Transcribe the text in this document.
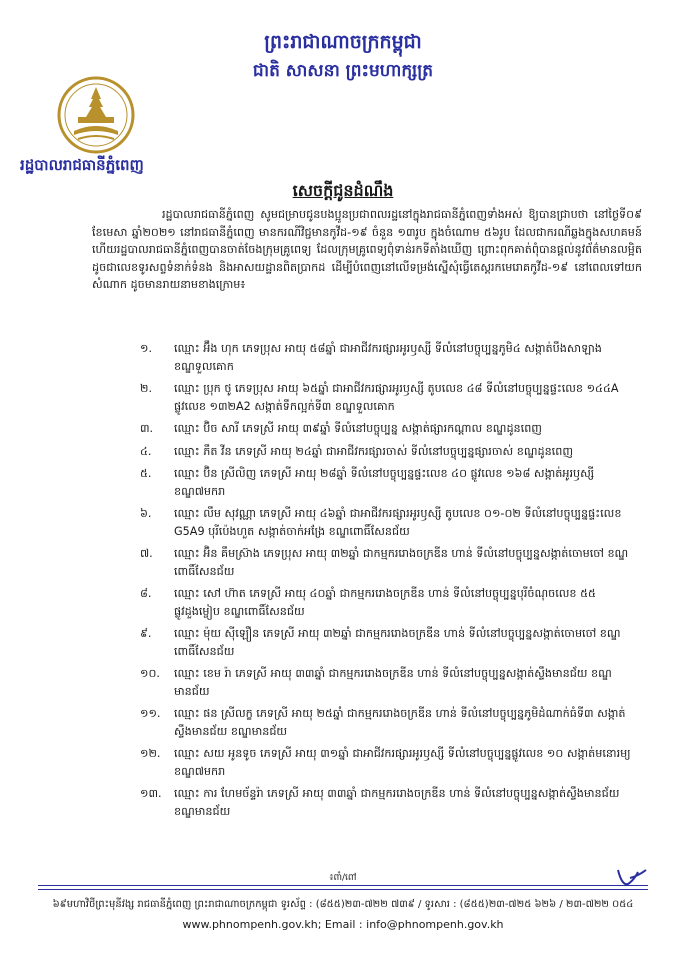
ព្រះរាជាណាចក្រកម្ពុជា
ជាតិ សាសនា ព្រះមហាក្សត្រ
រដ្ឋបាលរាជធានីភ្នំពេញ
សេចក្តីជូនដំណឹង
រដ្ឋបាលរាជធានីភ្នំពេញ សូមជម្រាបជូនបងប្អូនប្រជាពលរដ្ឋនៅក្នុងរាជធានីភ្នំពេញទាំងអស់ ឱ្យបានជ្រាបថា នៅថ្ងៃទី០៩ ខែមេសា ឆ្នាំ២០២១ នៅរាជធានីភ្នំពេញ មានករណីវិជ្ជមានកូវីដ-១៩ ចំនួន ១៣រូប ក្នុងចំណោម ៥៦រូប ដែលជាករណីឆ្លងក្នុងសហគមន៍ ហើយរដ្ឋបាលរាជធានីភ្នំពេញបានចាត់ចែងក្រុមគ្រូពេទ្យ ដែលក្រុមគ្រូពេទ្យពុំទាន់រកទីតាំងឃើញ ព្រោះពុកគាត់ពុំបានផ្តល់នូវព័ត៌មានលម្អិត ដូចជាលេខទូរសព្ទទំនាក់ទំនង និងអាសយដ្ឋានពិតប្រាកដ ដើម្បីបំពេញនៅលើទម្រង់ស្នើសុំធ្វើតេស្តរកមេរោគកូវីដ-១៩ នៅពេលទៅយកសំណាក ដូចមានរាយនាមខាងក្រោម៖
១.	ឈ្មោះ អ៊ឹង ហុក ភេទប្រុស អាយុ ៥៨ឆ្នាំ ជាអាជីវករផ្សារអូរឫស្សី ទីលំនៅបច្ចុប្បន្នភូមិ៤ សង្កាត់បឹងសាឡាង ខណ្ឌទួលគោក
២.	ឈ្មោះ ប្រុក ថូ ភេទប្រុស អាយុ ៦៥ឆ្នាំ ជាអាជីវករផ្សារអូរឫស្សី តូបលេខ ៤៨ ទីលំនៅបច្ចុប្បន្នផ្ទះលេខ ១៤៤A ផ្លូវលេខ ១៣២A2 សង្កាត់ទឹកល្អក់ទី៣ ខណ្ឌទួលគោក
៣.	ឈ្មោះ ប៊ិច សារី ភេទស្រី អាយុ ៣៩ឆ្នាំ ទីលំនៅបច្ចុប្បន្ន សង្កាត់ផ្សារកណ្តាល ខណ្ឌដូនពេញ
៤.	ឈ្មោះ ភឹត វីន ភេទស្រី អាយុ ២៤ឆ្នាំ ជាអាជីវករផ្សារចាស់ ទីលំនៅបច្ចុប្បន្នផ្សារចាស់ ខណ្ឌដូនពេញ
៥.	ឈ្មោះ ប៊ិន ស្រីលិញ ភេទស្រី អាយុ ២៨ឆ្នាំ ទីលំនៅបច្ចុប្បន្នផ្ទះលេខ ៤០ ផ្លូវលេខ ១៦៨ សង្កាត់អូរឫស្សី ខណ្ឌ៧មករា
៦.	ឈ្មោះ លឹម សុវណ្ណា ភេទស្រី អាយុ ៤៦ឆ្នាំ ជាអាជីវករផ្សារអូរឫស្សី តូបលេខ ០១-០២ ទីលំនៅបច្ចុប្បន្នផ្ទះលេខ G5A9 បុរីប៉េងហួត សង្កាត់ចាក់អង្រែ ខណ្ឌពោធិ៍សែនជ័យ
៧.	ឈ្មោះ អ៊ិន គឹមស្រ៊ាង ភេទប្រុស អាយុ ៣២ឆ្នាំ ជាកម្មកររោងចក្រឌីន ហាន់ ទីលំនៅបច្ចុប្បន្នសង្កាត់ចោមចៅ ខណ្ឌពោធិ៍សែនជ័យ
៨.	ឈ្មោះ សៅ ហ៊ាត ភេទស្រី អាយុ ៤០ឆ្នាំ ជាកម្មកររោងចក្រឌីន ហាន់ ទីលំនៅបច្ចុប្បន្នបុរីចំណុចលេខ ៥៥ ផ្លូវដួងម្ចៀប ខណ្ឌពោធិ៍សែនជ័យ
៩.	ឈ្មោះ ម៉ុយ ស៊ីឡឿន ភេទស្រី អាយុ ៣២ឆ្នាំ ជាកម្មកររោងចក្រឌីន ហាន់ ទីលំនៅបច្ចុប្បន្នសង្កាត់ចោមចៅ ខណ្ឌពោធិ៍សែនជ័យ
១០.	ឈ្មោះ ខេម រ៉ា ភេទស្រី អាយុ ៣៣ឆ្នាំ ជាកម្មកររោងចក្រឌីន ហាន់ ទីលំនៅបច្ចុប្បន្នសង្កាត់ស្ទឹងមានជ័យ ខណ្ឌមានជ័យ
១១.	ឈ្មោះ ផន ស្រីលក្ខ ភេទស្រី អាយុ ២៥ឆ្នាំ ជាកម្មកររោងចក្រឌីន ហាន់ ទីលំនៅបច្ចុប្បន្នភូមិដំណាក់ធំទី៣ សង្កាត់ស្ទឹងមានជ័យ ខណ្ឌមានជ័យ
១២.	ឈ្មោះ សយ អូនទូច ភេទស្រី អាយុ ៣១ឆ្នាំ ជាអាជីវករផ្សារអូរឫស្សី ទីលំនៅបច្ចុប្បន្នផ្លូវលេខ ១០ សង្កាត់មនោរម្យ ខណ្ឌ៧មករា
១៣.	ឈ្មោះ ការ ហែមច័ន្ទរ៉ា ភេទស្រី អាយុ ៣៣ឆ្នាំ ជាកម្មកររោងចក្រឌីន ហាន់ ទីលំនៅបច្ចុប្បន្នសង្កាត់ស្ទឹងមានជ័យ ខណ្ឌមានជ័យ
៖ពាំ/ពៅ
៦៩មហាវិថីព្រះមុនីវង្ស រាជធានីភ្នំពេញ ព្រះរាជាណាចក្រកម្ពុជា ទូរស័ព្ទ : (៨៥៥)២៣-៧២២ ៧៣៩ / ទូរសារ : (៨៥៥)២៣-៧២៥ ៦២៦ / ២៣-៧២២ ០៥៤
www.phnompenh.gov.kh; Email : info@phnompenh.gov.kh
